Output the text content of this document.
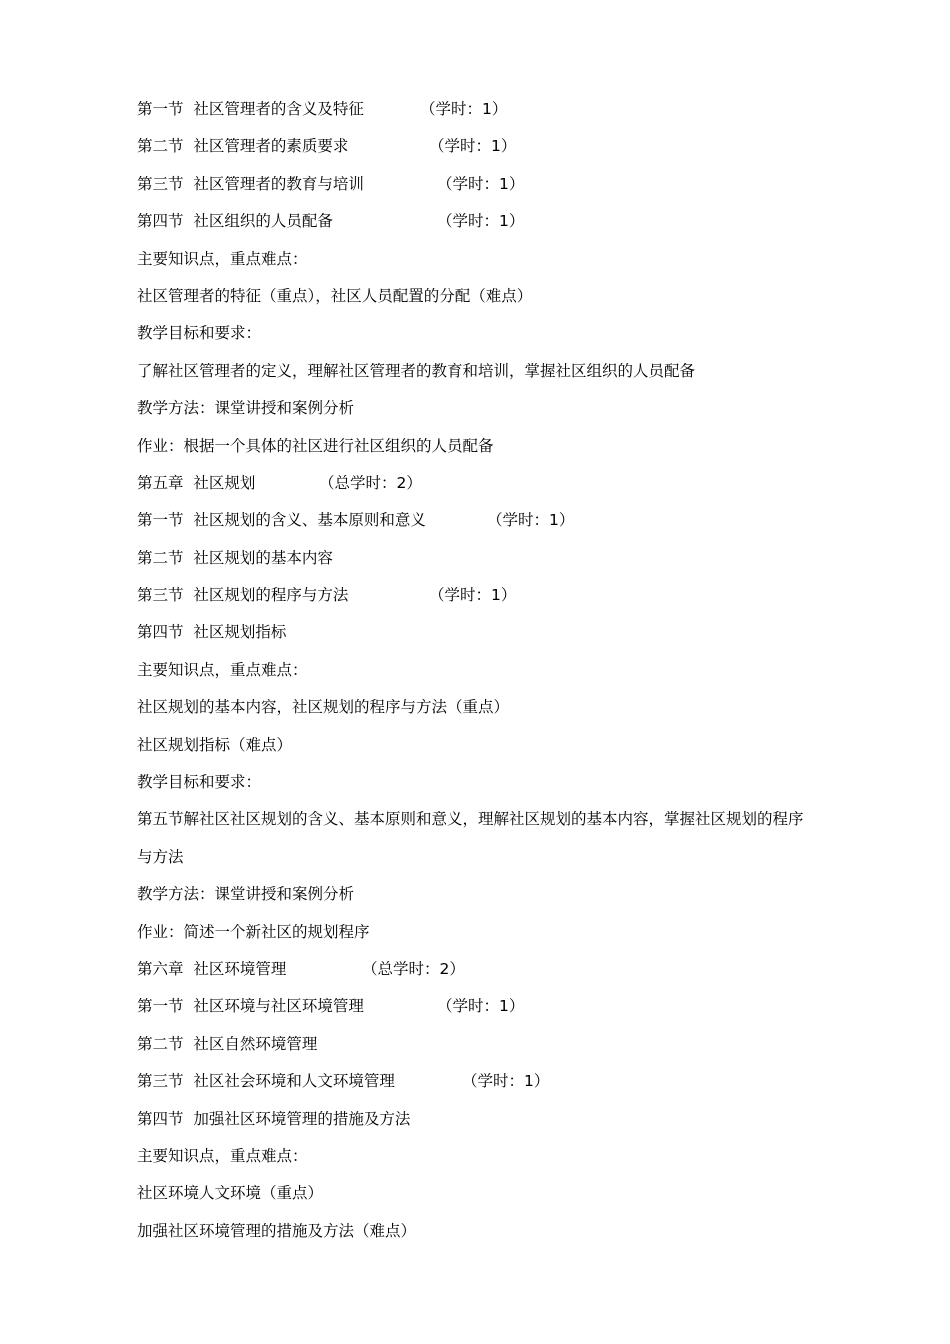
第一节  社区管理者的含义及特征	（学时：1）
第二节  社区管理者的素质要求	（学时：1）
第三节  社区管理者的教育与培训	（学时：1）
第四节  社区组织的人员配备	（学时：1）
主要知识点，重点难点：
社区管理者的特征（重点），社区人员配置的分配（难点）
教学目标和要求：
了解社区管理者的定义，理解社区管理者的教育和培训，掌握社区组织的人员配备
教学方法：课堂讲授和案例分析
作业：根据一个具体的社区进行社区组织的人员配备
第五章  社区规划	（总学时：2）
第一节  社区规划的含义、基本原则和意义	（学时：1）
第二节  社区规划的基本内容
第三节  社区规划的程序与方法	（学时：1）
第四节  社区规划指标
主要知识点，重点难点：
社区规划的基本内容，社区规划的程序与方法（重点）
社区规划指标（难点）
教学目标和要求：
第五节解社区社区规划的含义、基本原则和意义，理解社区规划的基本内容，掌握社区规划的程序
与方法
教学方法：课堂讲授和案例分析
作业：简述一个新社区的规划程序
第六章  社区环境管理	（总学时：2）
第一节  社区环境与社区环境管理	（学时：1）
第二节  社区自然环境管理
第三节  社区社会环境和人文环境管理	（学时：1）
第四节  加强社区环境管理的措施及方法
主要知识点，重点难点：
社区环境人文环境（重点）
加强社区环境管理的措施及方法（难点）
